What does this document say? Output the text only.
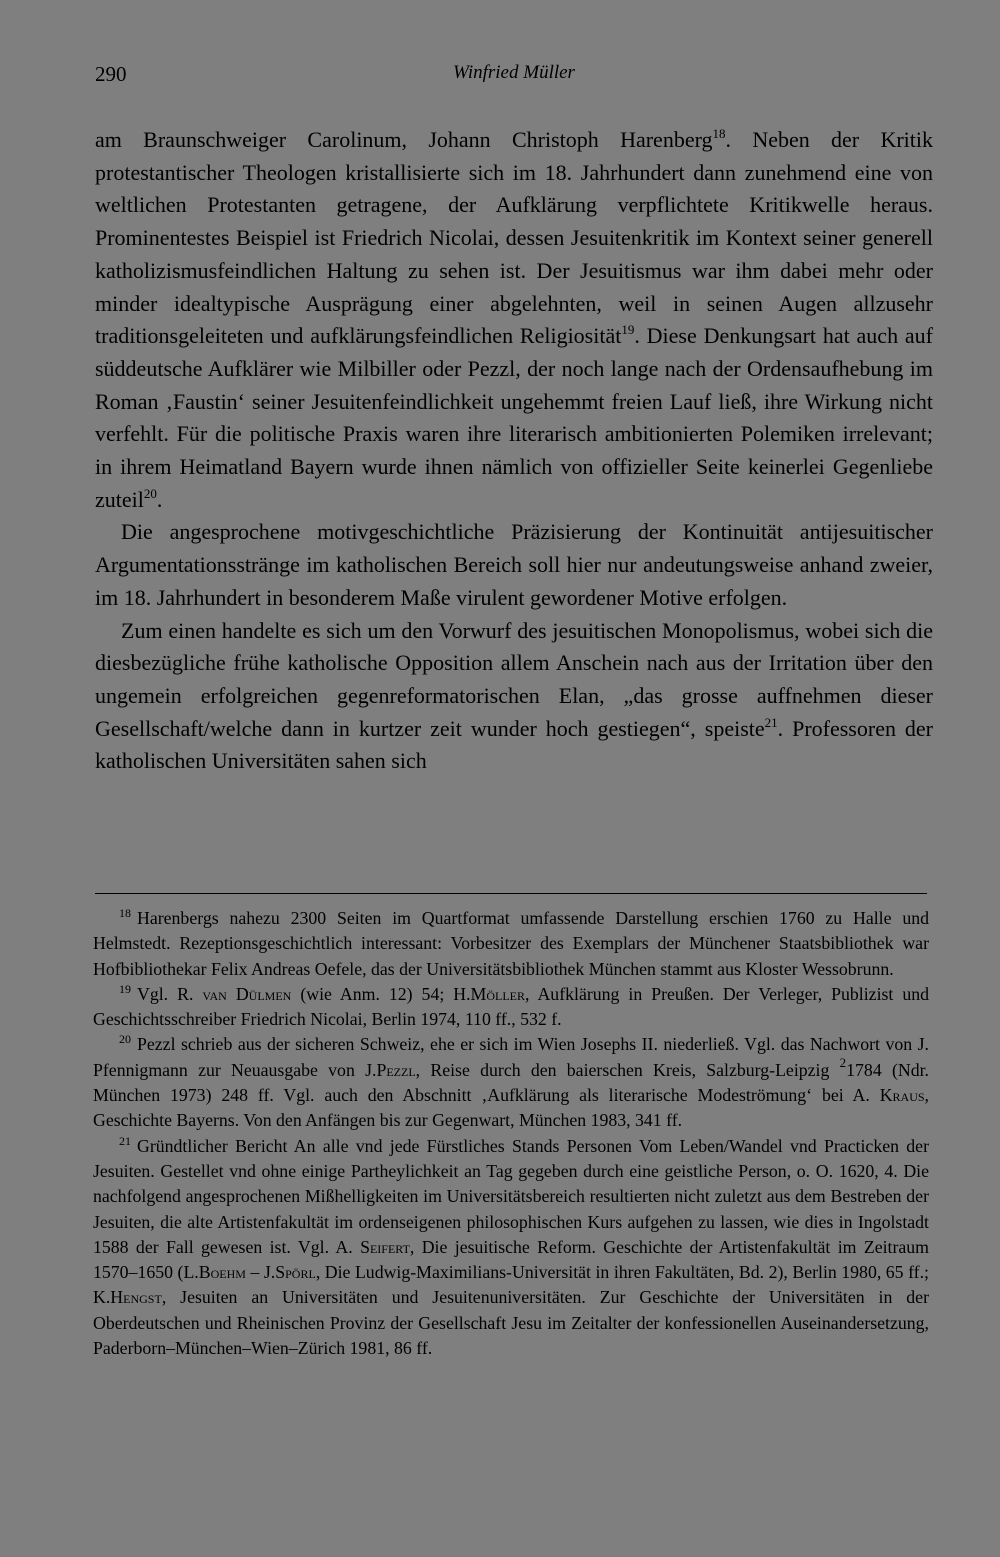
290	Winfried Müller

am Braunschweiger Carolinum, Johann Christoph Harenberg$^{18}$. Neben der Kritik protestantischer Theologen kristallisierte sich im 18. Jahrhundert dann zunehmend eine von weltlichen Protestanten getragene, der Aufklärung verpflichtete Kritikwelle heraus. Prominentestes Beispiel ist Friedrich Nicolai, dessen Jesuitenkritik im Kontext seiner generell katholizismusfeindlichen Haltung zu sehen ist. Der Jesuitismus war ihm dabei mehr oder minder idealtypische Ausprägung einer abgelehnten, weil in seinen Augen allzusehr traditionsgeleiteten und aufklärungsfeindlichen Religiosität$^{19}$. Diese Denkungsart hat auch auf süddeutsche Aufklärer wie Milbiller oder Pezzl, der noch lange nach der Ordensaufhebung im Roman ‚Faustin‘ seiner Jesuitenfeindlichkeit ungehemmt freien Lauf ließ, ihre Wirkung nicht verfehlt. Für die politische Praxis waren ihre literarisch ambitionierten Polemiken irrelevant; in ihrem Heimatland Bayern wurde ihnen nämlich von offizieller Seite keinerlei Gegenliebe zuteil$^{20}$.

Die angesprochene motivgeschichtliche Präzisierung der Kontinuität antijesuitischer Argumentationsstränge im katholischen Bereich soll hier nur andeutungsweise anhand zweier, im 18. Jahrhundert in besonderem Maße virulent gewordener Motive erfolgen.

Zum einen handelte es sich um den Vorwurf des jesuitischen Monopolismus, wobei sich die diesbezügliche frühe katholische Opposition allem Anschein nach aus der Irritation über den ungemein erfolgreichen gegenreformatorischen Elan, „das grosse auffnehmen dieser Gesellschaft/welche dann in kurtzer zeit wunder hoch gestiegen“, speiste$^{21}$. Professoren der katholischen Universitäten sahen sich

$^{18}$ Harenbergs nahezu 2300 Seiten im Quartformat umfassende Darstellung erschien 1760 zu Halle und Helmstedt. Rezeptionsgeschichtlich interessant: Vorbesitzer des Exemplars der Münchener Staatsbibliothek war Hofbibliothekar Felix Andreas Oefele, das der Universitätsbibliothek München stammt aus Kloster Wessobrunn.

$^{19}$ Vgl. R. van Dülmen (wie Anm. 12) 54; H.Möller, Aufklärung in Preußen. Der Verleger, Publizist und Geschichtsschreiber Friedrich Nicolai, Berlin 1974, 110 ff., 532 f.

$^{20}$ Pezzl schrieb aus der sicheren Schweiz, ehe er sich im Wien Josephs II. niederließ. Vgl. das Nachwort von J. Pfennigmann zur Neuausgabe von J.Pezzl, Reise durch den baierschen Kreis, Salzburg-Leipzig $^2$1784 (Ndr. München 1973) 248 ff. Vgl. auch den Abschnitt ‚Aufklärung als literarische Modeströmung‘ bei A. Kraus, Geschichte Bayerns. Von den Anfängen bis zur Gegenwart, München 1983, 341 ff.

$^{21}$ Gründtlicher Bericht An alle vnd jede Fürstliches Stands Personen Vom Leben/Wandel vnd Practicken der Jesuiten. Gestellet vnd ohne einige Partheylichkeit an Tag gegeben durch eine geistliche Person, o. O. 1620, 4. Die nachfolgend angesprochenen Mißhelligkeiten im Universitätsbereich resultierten nicht zuletzt aus dem Bestreben der Jesuiten, die alte Artistenfakultät im ordenseigenen philosophischen Kurs aufgehen zu lassen, wie dies in Ingolstadt 1588 der Fall gewesen ist. Vgl. A. Seifert, Die jesuitische Reform. Geschichte der Artistenfakultät im Zeitraum 1570–1650 (L.Boehm – J.Spörl, Die Ludwig-Maximilians-Universität in ihren Fakultäten, Bd. 2), Berlin 1980, 65 ff.; K.Hengst, Jesuiten an Universitäten und Jesuitenuniversitäten. Zur Geschichte der Universitäten in der Oberdeutschen und Rheinischen Provinz der Gesellschaft Jesu im Zeitalter der konfessionellen Auseinandersetzung, Paderborn–München–Wien–Zürich 1981, 86 ff.
